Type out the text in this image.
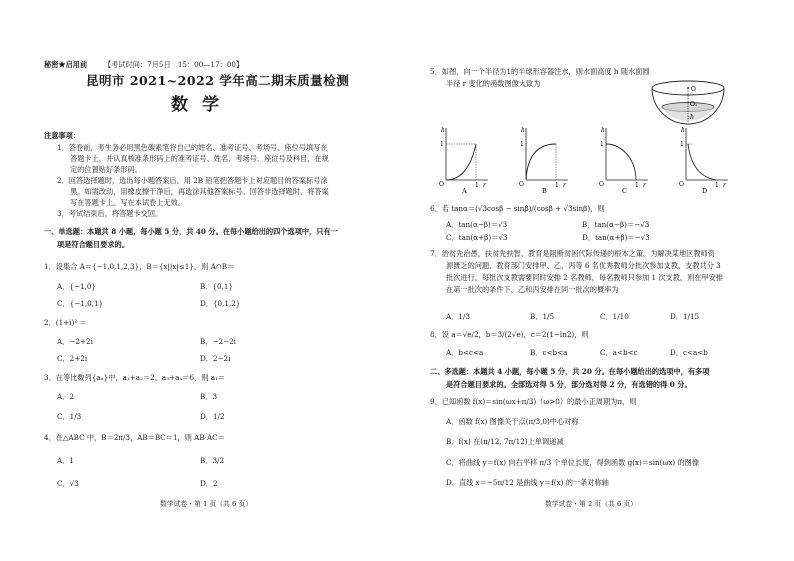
秘密★启用前 【考试时间：7月5日　15：00—17：00】
昆明市 2021~2022 学年高二期末质量检测
数学
注意事项：
1．答卷前，考生务必用黑色碳素笔将自己的姓名、准考证号、考场号、座位号填写在
答题卡上，并认真核准条形码上的准考证号、姓名、考场号、座位号及科目，在规
定的位置贴好条形码。
2．回答选择题时，选出每小题答案后，用 2B 铅笔把答题卡上对应题目的答案标号涂
黑。如需改动，用橡皮擦干净后，再选涂其他答案标号。回答非选择题时，将答案
写在答题卡上。写在本试卷上无效。
3．考试结束后，将答题卡交回。
一、单选题：本题共 8 小题，每小题 5 分，共 40 分。在每小题给出的四个选项中，只有一
项是符合题目要求的。
1．设集合 A＝{−1,0,1,2,3}，B＝{x||x|≤1}，则 A∩B＝
A．{−1,0}	B．{0,1}
C．{−1,0,1}	D．{0,1,2}
2．(1+i)² ＝
A．−2+2i	B．−2−2i
C．2+2i	D．2−2i
3．在等比数列{aₙ}中，a₁+a₂＝2，a₃+a₄＝6，则 a₁＝
A．2	B．3
C．1/3	D．1/2
4．在△ABC 中，B＝2π/3，AB＝BC＝1，则 AB·AC＝
A．1	B．3/2
C．√3	D．2
数学试卷・第 1 页（共 6 页）
5．如图，向一个半径为1的半球形容器注水，则水面高度 h 随水面圆
半径 r 变化的函数图像大致为
O
O₁
h
h
1
O	1 r
A
h
1
O	1 r
B
h
1
O	1 r
C
h
1
O	1 r
D
6．若 tanα＝(√3cosβ − sinβ)/(cosβ + √3sinβ)，则
A．tan(α−β)＝√3	B．tan(α−β)＝−√3
C．tan(α+β)＝√3	D．tan(α+β)＝−√3
7．治贫先治愚，扶贫先扶智，教育是阻断贫困代际传递的根本之策。为解决某地区教师资
源匮乏的问题，教育部门安排甲、乙、丙等 6 名优秀教师分批次参加支教，支教共分 3
批次进行，每批次支教需要同时安排 2 名教师，每名教师只参加 1 次支教，则在甲安排
在第一批次的条件下，乙和丙安排在同一批次的概率为
A．1/3	B．1/5	C．1/10	D．1/15
8．设 a＝√e/2，b＝3/(2√e)，c＝2(1−ln2)，则
A．b<c<a	B．c<b<a	C．a<b<c	D．c<a<b
二、多选题：本题共 4 小题，每小题 5 分，共 20 分。在每小题给出的选项中，有多项
是符合题目要求的。全部选对得 5 分，部分选对得 2 分，有选错的得 0 分。
9．已知函数 f(x)＝sin(ωx+π/3)（ω>0）的最小正周期为π，则
A．函数 f(x) 图像关于点(π/3,0)中心对称
B．f(x) 在(π/12, 7π/12)上单调递减
C．将曲线 y＝f(x) 向右平移 π/3 个单位长度，得到函数 g(x)＝sin(ωx) 的图像
D．直线 x＝−5π/12 是曲线 y＝f(x) 的一条对称轴
数学试卷・第 2 页（共 6 页）
